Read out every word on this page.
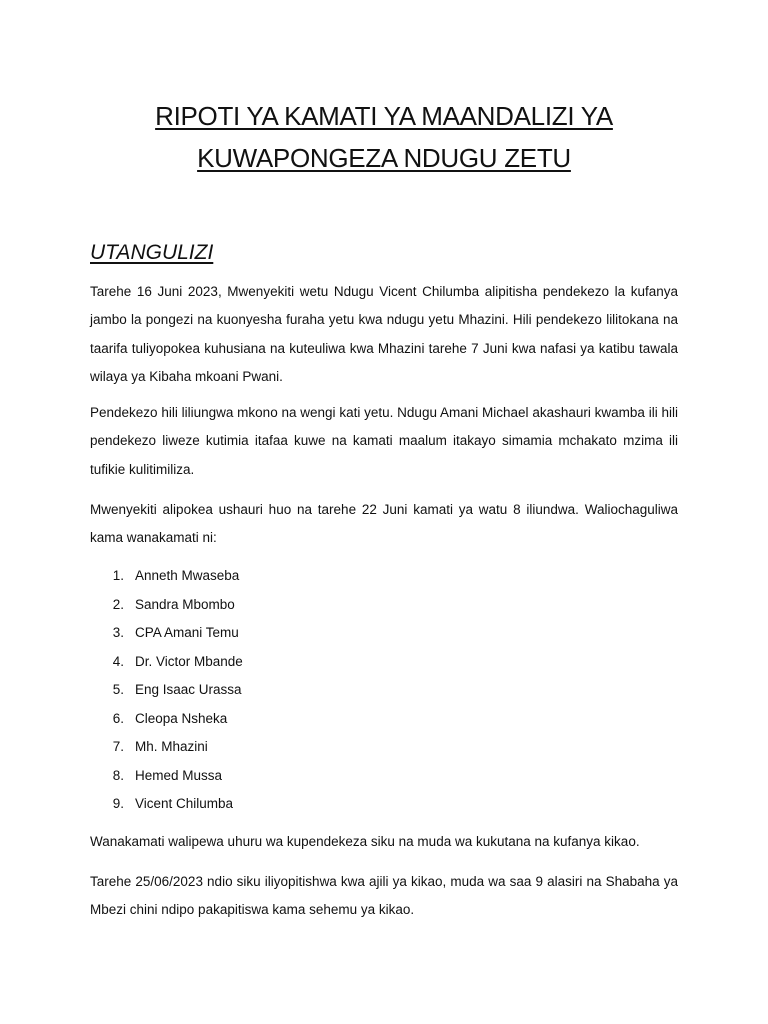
RIPOTI YA KAMATI YA MAANDALIZI YA KUWAPONGEZA NDUGU ZETU
UTANGULIZI

Tarehe 16 Juni 2023, Mwenyekiti wetu Ndugu Vicent Chilumba alipitisha pendekezo la kufanya jambo la pongezi na kuonyesha furaha yetu kwa ndugu yetu Mhazini. Hili pendekezo lilitokana na taarifa tuliyopokea kuhusiana na kuteuliwa kwa Mhazini tarehe 7 Juni kwa nafasi ya katibu tawala wilaya ya Kibaha mkoani Pwani.

Pendekezo hili liliungwa mkono na wengi kati yetu. Ndugu Amani Michael akashauri kwamba ili hili pendekezo liweze kutimia itafaa kuwe na kamati maalum itakayo simamia mchakato mzima ili tufikie kulitimiliza.

Mwenyekiti alipokea ushauri huo na tarehe 22 Juni kamati ya watu 8 iliundwa. Waliochaguliwa kama wanakamati ni:

1. Anneth Mwaseba
2. Sandra Mbombo
3. CPA Amani Temu
4. Dr. Victor Mbande
5. Eng Isaac Urassa
6. Cleopa Nsheka
7. Mh. Mhazini
8. Hemed Mussa
9. Vicent Chilumba

Wanakamati walipewa uhuru wa kupendekeza siku na muda wa kukutana na kufanya kikao.

Tarehe 25/06/2023 ndio siku iliyopitishwa kwa ajili ya kikao, muda wa saa 9 alasiri na Shabaha ya Mbezi chini ndipo pakapitiswa kama sehemu ya kikao.
